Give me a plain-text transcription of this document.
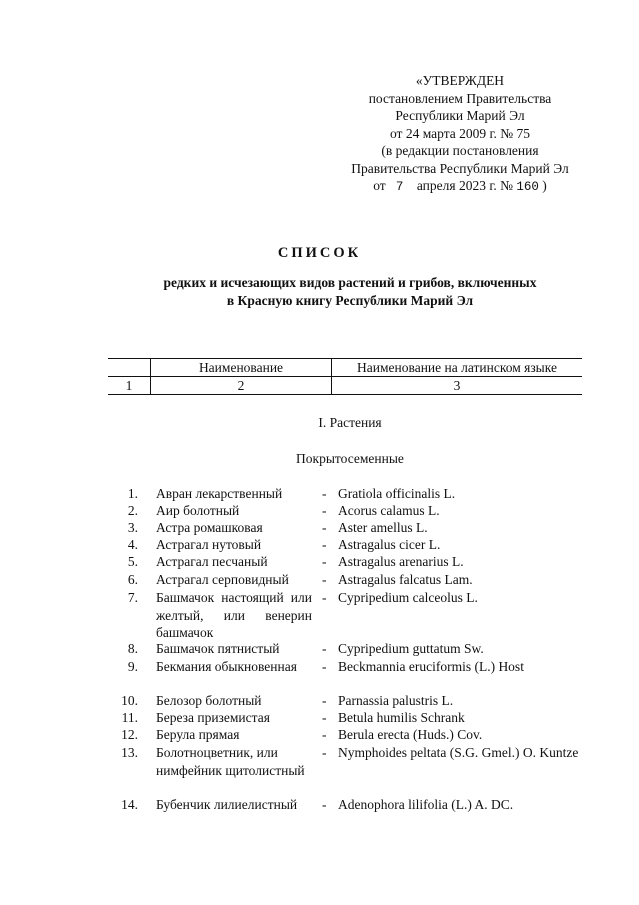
«УТВЕРЖДЕН
постановлением Правительства
Республики Марий Эл
от 24 марта 2009 г. № 75
(в редакции постановления
Правительства Республики Марий Эл
от 7 апреля 2023 г. № 160 )
СПИСОК
редких и исчезающих видов растений и грибов, включенных
в Красную книгу Республики Марий Эл
	Наименование	Наименование на латинском языке
1	2	3
I. Растения
Покрытосеменные
1. Авран лекарственный	- Gratiola officinalis L.
2. Аир болотный	- Acorus calamus L.
3. Астра ромашковая	- Aster amellus L.
4. Астрагал нутовый	- Astragalus cicer L.
5. Астрагал песчаный	- Astragalus arenarius L.
6. Астрагал серповидный	- Astragalus falcatus Lam.
7. Башмачок настоящий или желтый, или венерин башмачок
- Cypripedium calceolus L.
8. Башмачок пятнистый	- Cypripedium guttatum Sw.
9. Бекмания обыкновенная	- Beckmannia eruciformis (L.) Host
10. Белозор болотный	- Parnassia palustris L.
11. Береза приземистая	- Betula humilis Schrank
12. Берула прямая	- Berula erecta (Huds.) Cov.
13. Болотноцветник, или нимфейник щитолистный
- Nymphoides peltata (S.G. Gmel.) O. Kuntze
14. Бубенчик лилиелистный	- Adenophora lilifolia (L.) A. DC.
